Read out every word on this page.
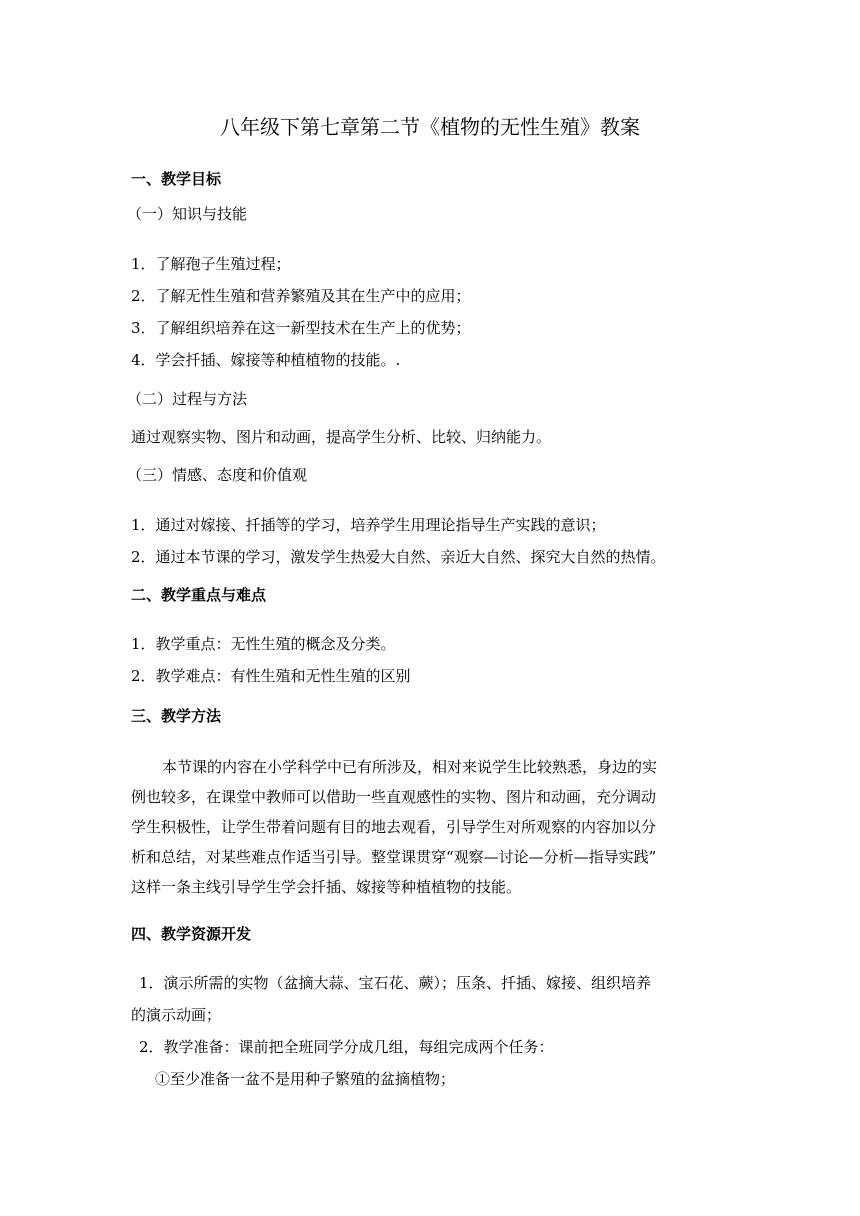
八年级下第七章第二节《植物的无性生殖》教案
一、教学目标
（一）知识与技能
1．了解孢子生殖过程；
2．了解无性生殖和营养繁殖及其在生产中的应用；
3．了解组织培养在这一新型技术在生产上的优势；
4．学会扦插、嫁接等种植植物的技能。.
（二）过程与方法
通过观察实物、图片和动画，提高学生分析、比较、归纳能力。
（三）情感、态度和价值观
1．通过对嫁接、扦插等的学习，培养学生用理论指导生产实践的意识；
2．通过本节课的学习，激发学生热爱大自然、亲近大自然、探究大自然的热情。
二、教学重点与难点
1．教学重点：无性生殖的概念及分类。
2．教学难点：有性生殖和无性生殖的区别
三、教学方法
本节课的内容在小学科学中已有所涉及，相对来说学生比较熟悉，身边的实
例也较多，在课堂中教师可以借助一些直观感性的实物、图片和动画，充分调动
学生积极性，让学生带着问题有目的地去观看，引导学生对所观察的内容加以分
析和总结，对某些难点作适当引导。整堂课贯穿“观察—讨论—分析—指导实践”
这样一条主线引导学生学会扦插、嫁接等种植植物的技能。
四、教学资源开发
1．演示所需的实物（盆摘大蒜、宝石花、蕨）；压条、扦插、嫁接、组织培养
的演示动画；
2．教学准备：课前把全班同学分成几组，每组完成两个任务：
①至少准备一盆不是用种子繁殖的盆摘植物；
